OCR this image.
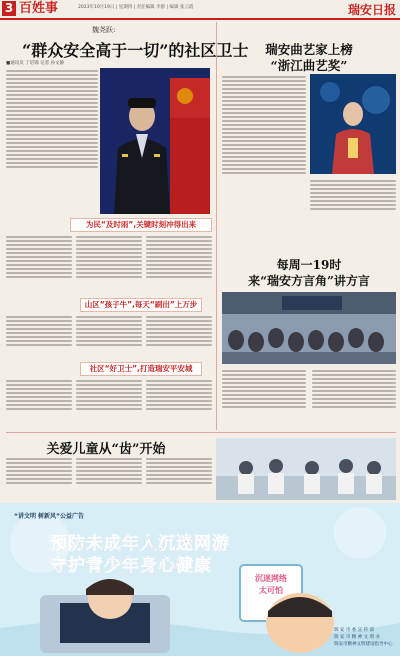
3 百姓事	2023年10月19日 | 星期四 | 责任编辑 李群 | 编辑 张云霞	瑞安日报
魏尧跃:
“群众安全高于一切”的社区卫士
■通讯员 丁培锦 记者 孙文静
为民“及时雨”,关键时刻冲得出来
山区“孩子牛”,每天“刷出”上万步
社区“好卫士”,打造瑞安平安城
瑞安曲艺家上榜
“浙江曲艺奖”
每周一19时
来“瑞安方言角”讲方言
关爱儿童从“齿”开始
“讲文明 树新风”公益广告
预防未成年人沉迷网游
守护青少年身心健康
沉迷网络
太可怕
瑞 安 市 委 宣 传 部
瑞 安 市 精 神 文 明 办
瑞安市精神文明建设指导中心
